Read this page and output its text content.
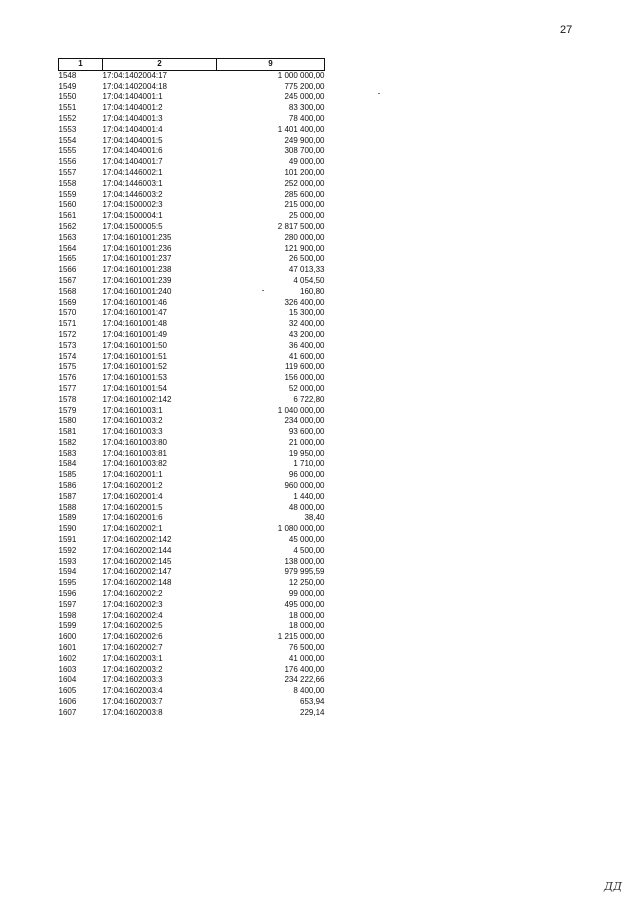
27
1	2	9
1548	17:04:1402004:17	1 000 000,00
1549	17:04:1402004:18	775 200,00
1550	17:04:1404001:1	245 000,00
1551	17:04:1404001:2	83 300,00
1552	17:04:1404001:3	78 400,00
1553	17:04:1404001:4	1 401 400,00
1554	17:04:1404001:5	249 900,00
1555	17:04:1404001:6	308 700,00
1556	17:04:1404001:7	49 000,00
1557	17:04:1446002:1	101 200,00
1558	17:04:1446003:1	252 000,00
1559	17:04:1446003:2	285 600,00
1560	17:04:1500002:3	215 000,00
1561	17:04:1500004:1	25 000,00
1562	17:04:1500005:5	2 817 500,00
1563	17:04:1601001:235	280 000,00
1564	17:04:1601001:236	121 900,00
1565	17:04:1601001:237	26 500,00
1566	17:04:1601001:238	47 013,33
1567	17:04:1601001:239	4 054,50
1568	17:04:1601001:240	160,80
1569	17:04:1601001:46	326 400,00
1570	17:04:1601001:47	15 300,00
1571	17:04:1601001:48	32 400,00
1572	17:04:1601001:49	43 200,00
1573	17:04:1601001:50	36 400,00
1574	17:04:1601001:51	41 600,00
1575	17:04:1601001:52	119 600,00
1576	17:04:1601001:53	156 000,00
1577	17:04:1601001:54	52 000,00
1578	17:04:1601002:142	6 722,80
1579	17:04:1601003:1	1 040 000,00
1580	17:04:1601003:2	234 000,00
1581	17:04:1601003:3	93 600,00
1582	17:04:1601003:80	21 000,00
1583	17:04:1601003:81	19 950,00
1584	17:04:1601003:82	1 710,00
1585	17:04:1602001:1	96 000,00
1586	17:04:1602001:2	960 000,00
1587	17:04:1602001:4	1 440,00
1588	17:04:1602001:5	48 000,00
1589	17:04:1602001:6	38,40
1590	17:04:1602002:1	1 080 000,00
1591	17:04:1602002:142	45 000,00
1592	17:04:1602002:144	4 500,00
1593	17:04:1602002:145	138 000,00
1594	17:04:1602002:147	979 995,59
1595	17:04:1602002:148	12 250,00
1596	17:04:1602002:2	99 000,00
1597	17:04:1602002:3	495 000,00
1598	17:04:1602002:4	18 000,00
1599	17:04:1602002:5	18 000,00
1600	17:04:1602002:6	1 215 000,00
1601	17:04:1602002:7	76 500,00
1602	17:04:1602003:1	41 000,00
1603	17:04:1602003:2	176 400,00
1604	17:04:1602003:3	234 222,66
1605	17:04:1602003:4	8 400,00
1606	17:04:1602003:7	653,94
1607	17:04:1602003:8	229,14
ДД
